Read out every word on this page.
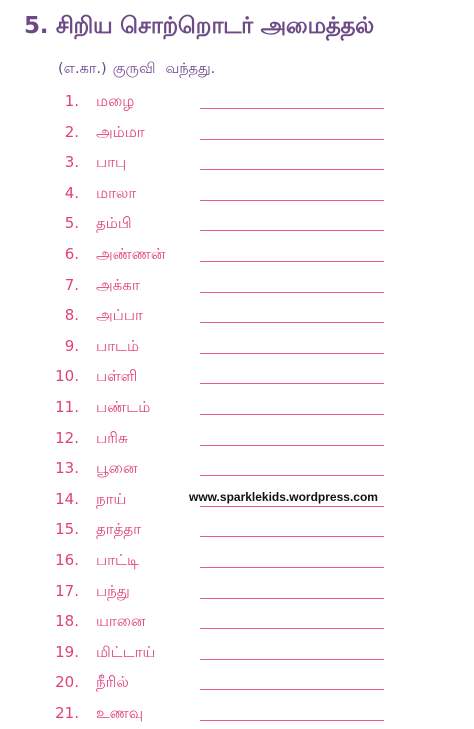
5. சிறிய சொற்றொடர் அமைத்தல்
(எ.கா.) குருவி வந்தது.
1. மழை
2. அம்மா
3. பாபு
4. மாலா
5. தம்பி
6. அண்ணன்
7. அக்கா
8. அப்பா
9. பாடம்
10. பள்ளி
11. பண்டம்
12. பரிசு
13. பூனை
14. நாய்
15. தாத்தா
16. பாட்டி
17. பந்து
18. யானை
19. மிட்டாய்
20. நீரில்
21. உணவு
www.sparklekids.wordpress.com
